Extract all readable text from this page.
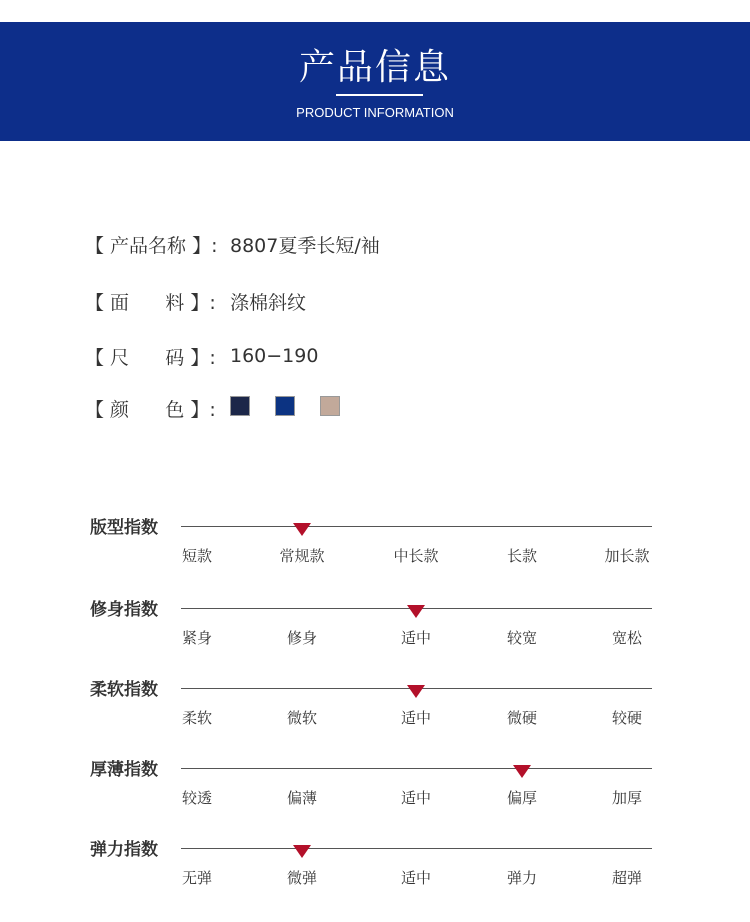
产品信息
PRODUCT INFORMATION
【 产品名称 】: 8807夏季长短/袖
【 面      料 】: 涤棉斜纹
【 尺      码 】: 160−190
【 颜      色 】:
版型指数
短款	常规款	中长款	长款	加长款
修身指数
紧身	修身	适中	较宽	宽松
柔软指数
柔软	微软	适中	微硬	较硬
厚薄指数
较透	偏薄	适中	偏厚	加厚
弹力指数
无弹	微弹	适中	弹力	超弹
